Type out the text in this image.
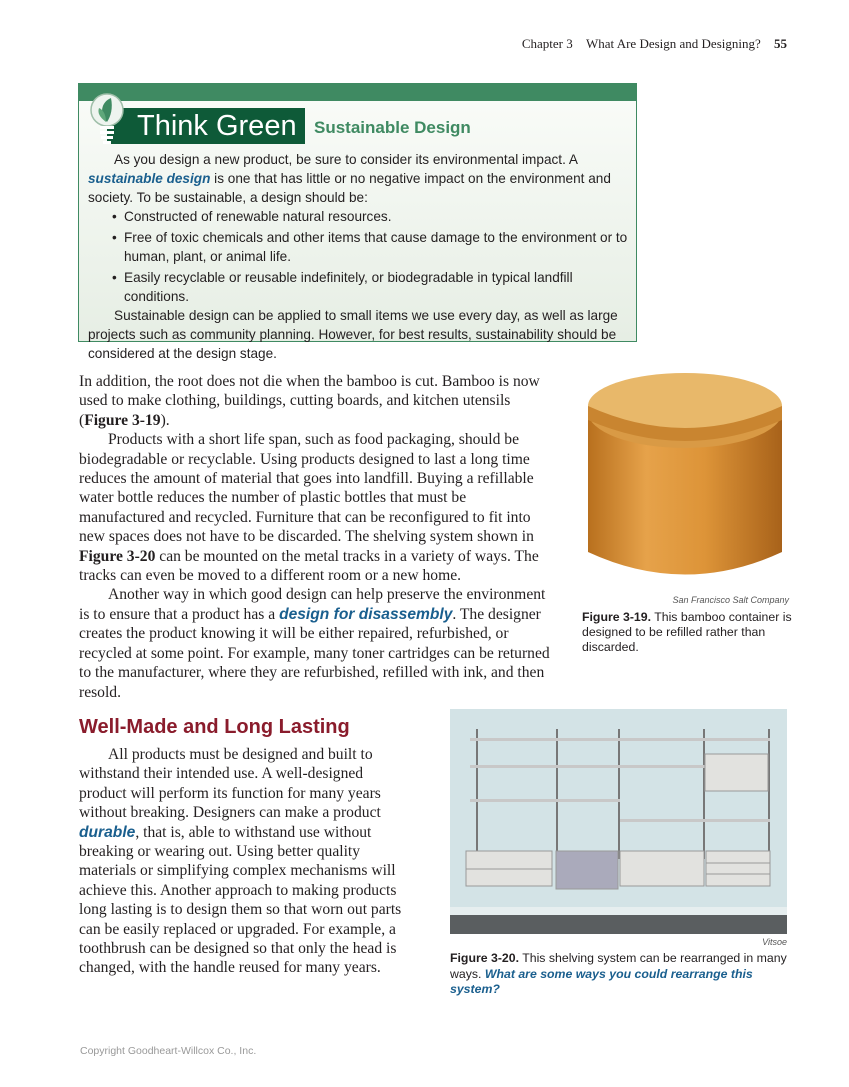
Chapter 3 What Are Design and Designing? 55
Think Green	Sustainable Design

As you design a new product, be sure to consider its environmental impact. A sustainable design is one that has little or no negative impact on the environment and society. To be sustainable, a design should be:

• Constructed of renewable natural resources.
• Free of toxic chemicals and other items that cause damage to the environment or to human, plant, or animal life.
• Easily recyclable or reusable indefinitely, or biodegradable in typical landfill conditions.

Sustainable design can be applied to small items we use every day, as well as large projects such as community planning. However, for best results, sustainability should be considered at the design stage.

In addition, the root does not die when the bamboo is cut. Bamboo is now used to make clothing, buildings, cutting boards, and kitchen utensils (Figure 3-19).

Products with a short life span, such as food packaging, should be biodegradable or recyclable. Using products designed to last a long time reduces the amount of material that goes into landfill. Buying a refillable water bottle reduces the number of plastic bottles that must be manufactured and recycled. Furniture that can be reconfigured to fit into new spaces does not have to be discarded. The shelving system shown in Figure 3-20 can be mounted on the metal tracks in a variety of ways. The tracks can even be moved to a different room or a new home.

Another way in which good design can help preserve the environment is to ensure that a product has a design for disassembly. The designer creates the product knowing it will be either repaired, refurbished, or recycled at some point. For example, many toner cartridges can be returned to the manufacturer, where they are refurbished, refilled with ink, and then resold.

Well-Made and Long Lasting

All products must be designed and built to withstand their intended use. A well-designed product will perform its function for many years without breaking. Designers can make a product durable, that is, able to withstand use without breaking or wearing out. Using better quality materials or simplifying complex mechanisms will achieve this. Another approach to making products long lasting is to design them so that worn out parts can be easily replaced or upgraded. For example, a toothbrush can be designed so that only the head is changed, with the handle reused for many years.

San Francisco Salt Company
Figure 3-19. This bamboo container is designed to be refilled rather than discarded.
Vitsoe
Figure 3-20. This shelving system can be rearranged in many ways. What are some ways you could rearrange this system?
Copyright Goodheart-Willcox Co., Inc.
